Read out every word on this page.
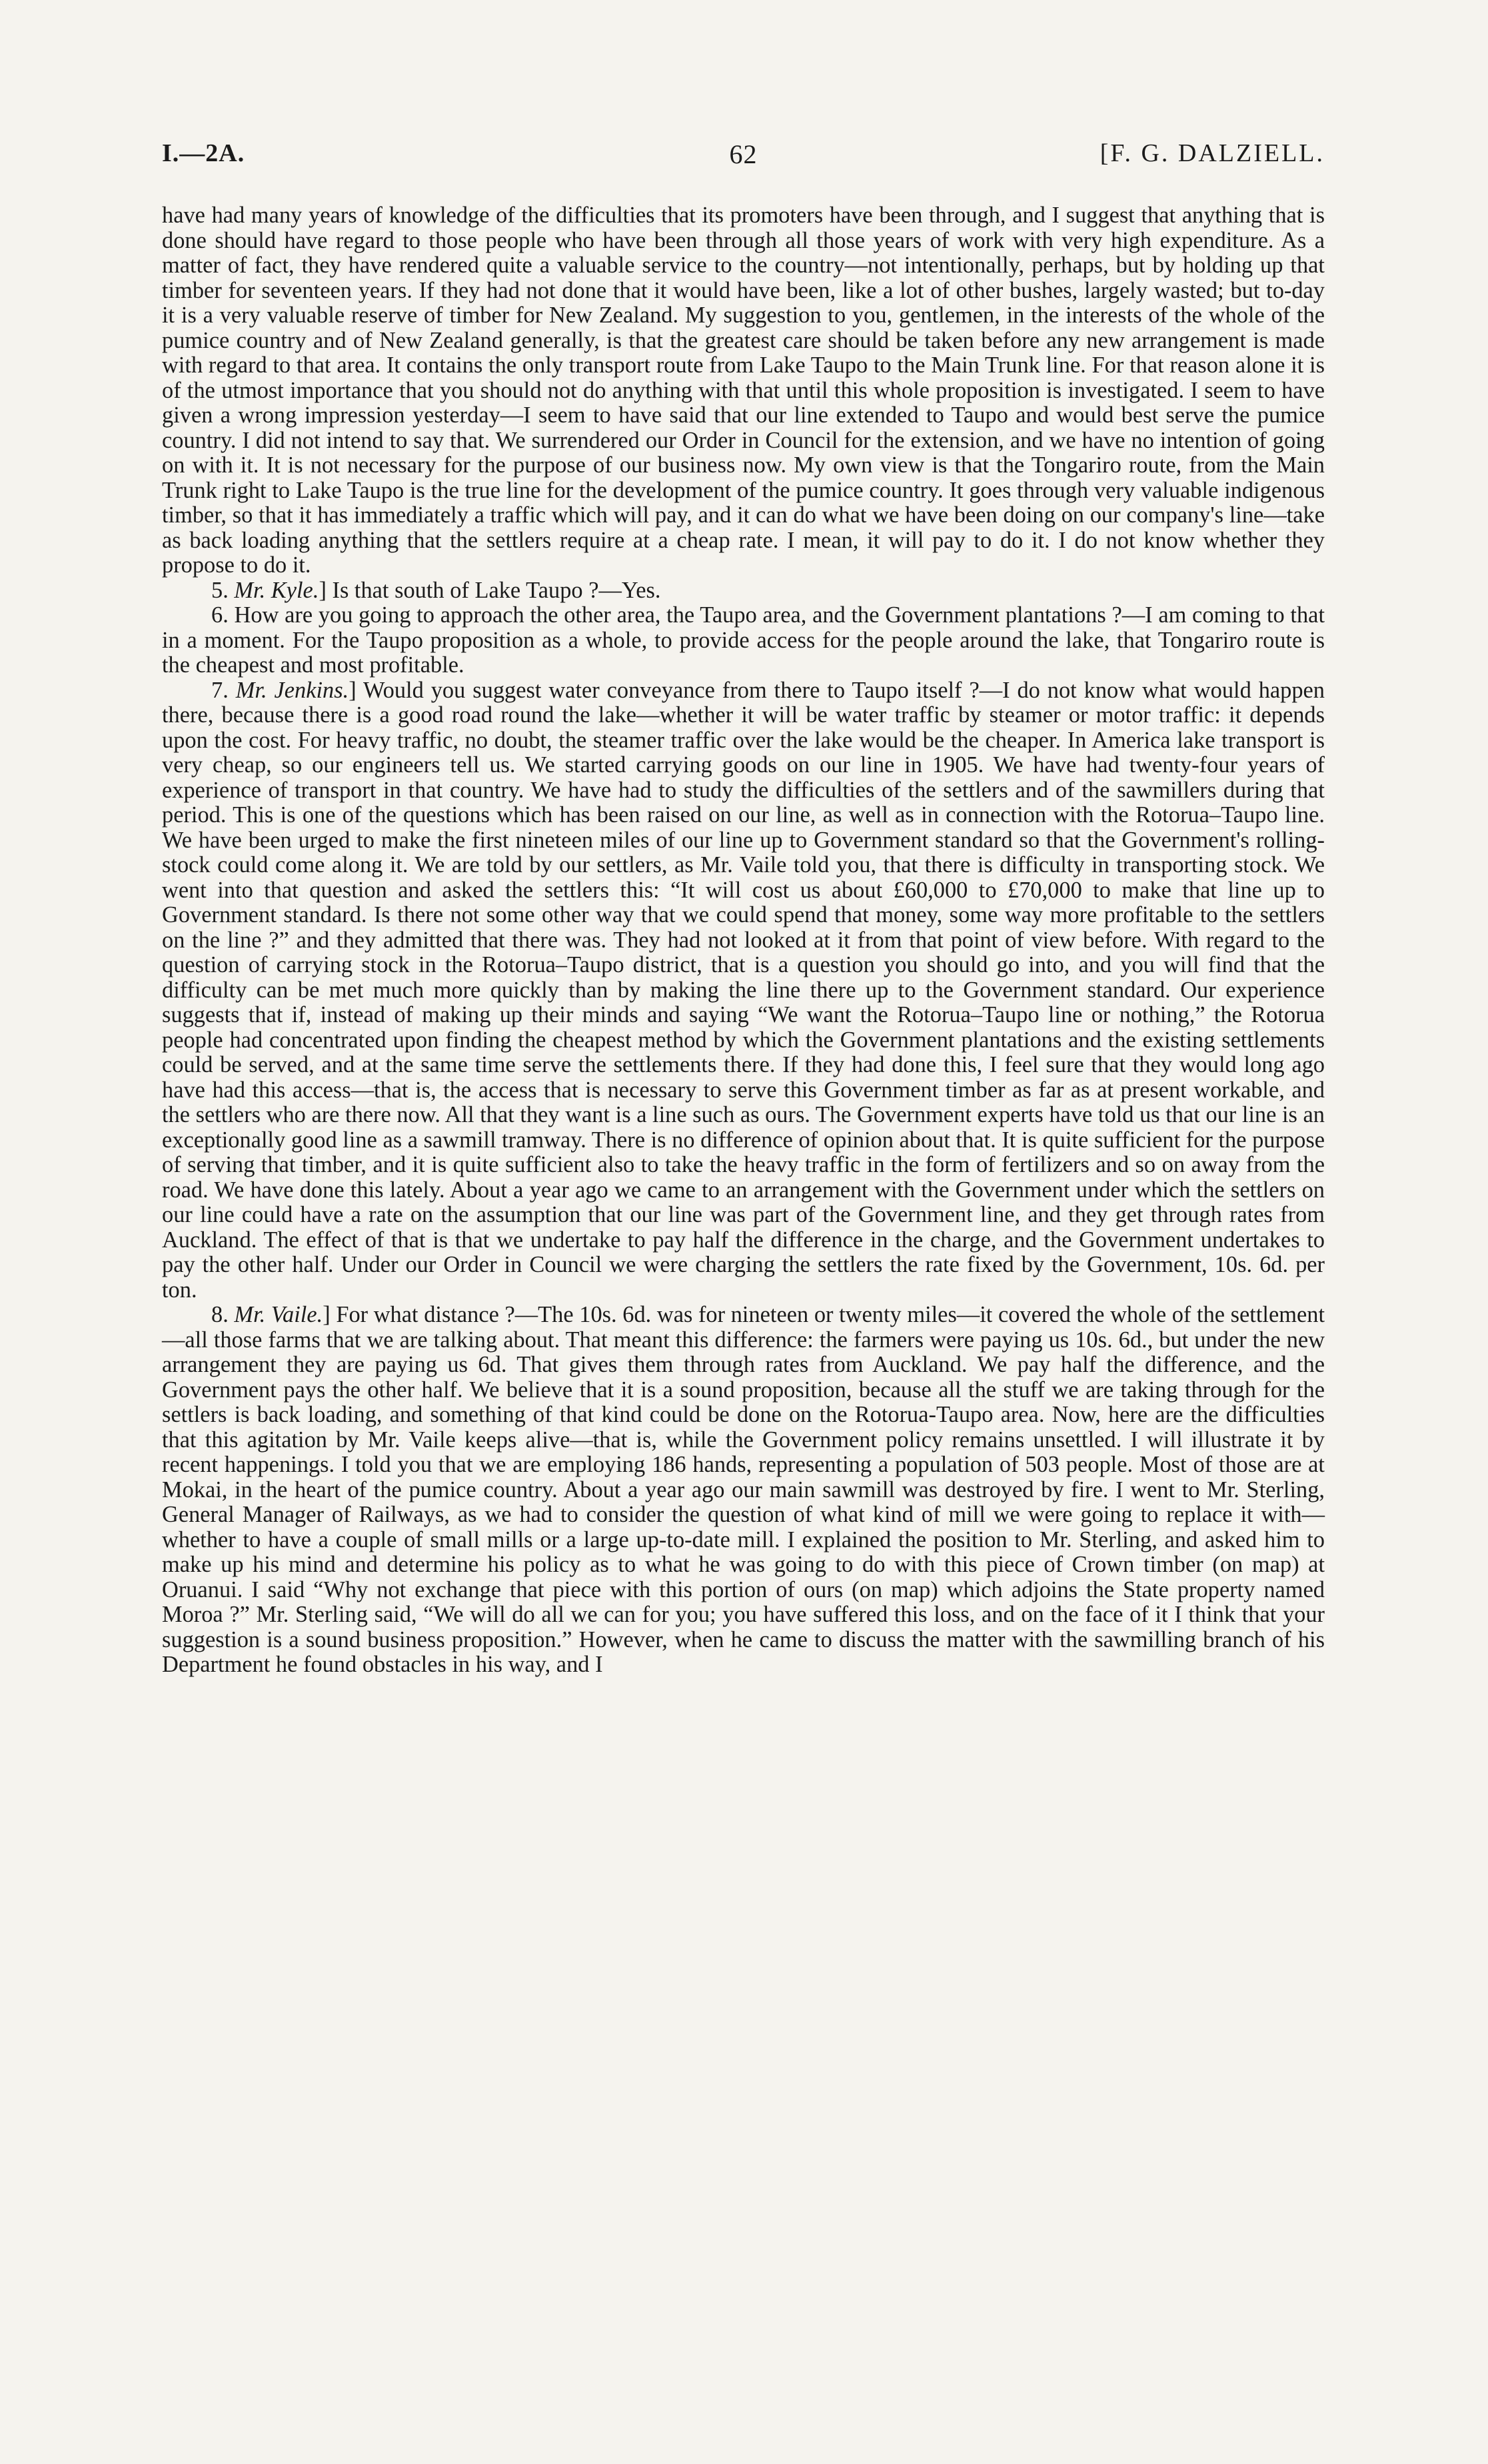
I.—2A.	62	[F. G. DALZIELL.

have had many years of knowledge of the difficulties that its promoters have been through, and I suggest that anything that is done should have regard to those people who have been through all those years of work with very high expenditure. As a matter of fact, they have rendered quite a valuable service to the country—not intentionally, perhaps, but by holding up that timber for seventeen years. If they had not done that it would have been, like a lot of other bushes, largely wasted; but to-day it is a very valuable reserve of timber for New Zealand. My suggestion to you, gentlemen, in the interests of the whole of the pumice country and of New Zealand generally, is that the greatest care should be taken before any new arrangement is made with regard to that area. It contains the only transport route from Lake Taupo to the Main Trunk line. For that reason alone it is of the utmost importance that you should not do anything with that until this whole proposition is investigated. I seem to have given a wrong impression yesterday—I seem to have said that our line extended to Taupo and would best serve the pumice country. I did not intend to say that. We surrendered our Order in Council for the extension, and we have no intention of going on with it. It is not necessary for the purpose of our business now. My own view is that the Tongariro route, from the Main Trunk right to Lake Taupo is the true line for the development of the pumice country. It goes through very valuable indigenous timber, so that it has immediately a traffic which will pay, and it can do what we have been doing on our company's line—take as back loading anything that the settlers require at a cheap rate. I mean, it will pay to do it. I do not know whether they propose to do it.

5. Mr. Kyle.] Is that south of Lake Taupo ?—Yes.

6. How are you going to approach the other area, the Taupo area, and the Government plantations ?—I am coming to that in a moment. For the Taupo proposition as a whole, to provide access for the people around the lake, that Tongariro route is the cheapest and most profitable.

7. Mr. Jenkins.] Would you suggest water conveyance from there to Taupo itself ?—I do not know what would happen there, because there is a good road round the lake—whether it will be water traffic by steamer or motor traffic: it depends upon the cost. For heavy traffic, no doubt, the steamer traffic over the lake would be the cheaper. In America lake transport is very cheap, so our engineers tell us. We started carrying goods on our line in 1905. We have had twenty-four years of experience of transport in that country. We have had to study the difficulties of the settlers and of the sawmillers during that period. This is one of the questions which has been raised on our line, as well as in connection with the Rotorua–Taupo line. We have been urged to make the first nineteen miles of our line up to Government standard so that the Government's rolling-stock could come along it. We are told by our settlers, as Mr. Vaile told you, that there is difficulty in transporting stock. We went into that question and asked the settlers this: “It will cost us about £60,000 to £70,000 to make that line up to Government standard. Is there not some other way that we could spend that money, some way more profitable to the settlers on the line ?” and they admitted that there was. They had not looked at it from that point of view before. With regard to the question of carrying stock in the Rotorua–Taupo district, that is a question you should go into, and you will find that the difficulty can be met much more quickly than by making the line there up to the Government standard. Our experience suggests that if, instead of making up their minds and saying “We want the Rotorua–Taupo line or nothing,” the Rotorua people had concentrated upon finding the cheapest method by which the Government plantations and the existing settlements could be served, and at the same time serve the settlements there. If they had done this, I feel sure that they would long ago have had this access—that is, the access that is necessary to serve this Government timber as far as at present workable, and the settlers who are there now. All that they want is a line such as ours. The Government experts have told us that our line is an exceptionally good line as a sawmill tramway. There is no difference of opinion about that. It is quite sufficient for the purpose of serving that timber, and it is quite sufficient also to take the heavy traffic in the form of fertilizers and so on away from the road. We have done this lately. About a year ago we came to an arrangement with the Government under which the settlers on our line could have a rate on the assumption that our line was part of the Government line, and they get through rates from Auckland. The effect of that is that we undertake to pay half the difference in the charge, and the Government undertakes to pay the other half. Under our Order in Council we were charging the settlers the rate fixed by the Government, 10s. 6d. per ton.

8. Mr. Vaile.] For what distance ?—The 10s. 6d. was for nineteen or twenty miles—it covered the whole of the settlement—all those farms that we are talking about. That meant this difference: the farmers were paying us 10s. 6d., but under the new arrangement they are paying us 6d. That gives them through rates from Auckland. We pay half the difference, and the Government pays the other half. We believe that it is a sound proposition, because all the stuff we are taking through for the settlers is back loading, and something of that kind could be done on the Rotorua-Taupo area. Now, here are the difficulties that this agitation by Mr. Vaile keeps alive—that is, while the Government policy remains unsettled. I will illustrate it by recent happenings. I told you that we are employing 186 hands, representing a population of 503 people. Most of those are at Mokai, in the heart of the pumice country. About a year ago our main sawmill was destroyed by fire. I went to Mr. Sterling, General Manager of Railways, as we had to consider the question of what kind of mill we were going to replace it with—whether to have a couple of small mills or a large up-to-date mill. I explained the position to Mr. Sterling, and asked him to make up his mind and determine his policy as to what he was going to do with this piece of Crown timber (on map) at Oruanui. I said “Why not exchange that piece with this portion of ours (on map) which adjoins the State property named Moroa ?” Mr. Sterling said, “We will do all we can for you; you have suffered this loss, and on the face of it I think that your suggestion is a sound business proposition.” However, when he came to discuss the matter with the sawmilling branch of his Department he found obstacles in his way, and I
